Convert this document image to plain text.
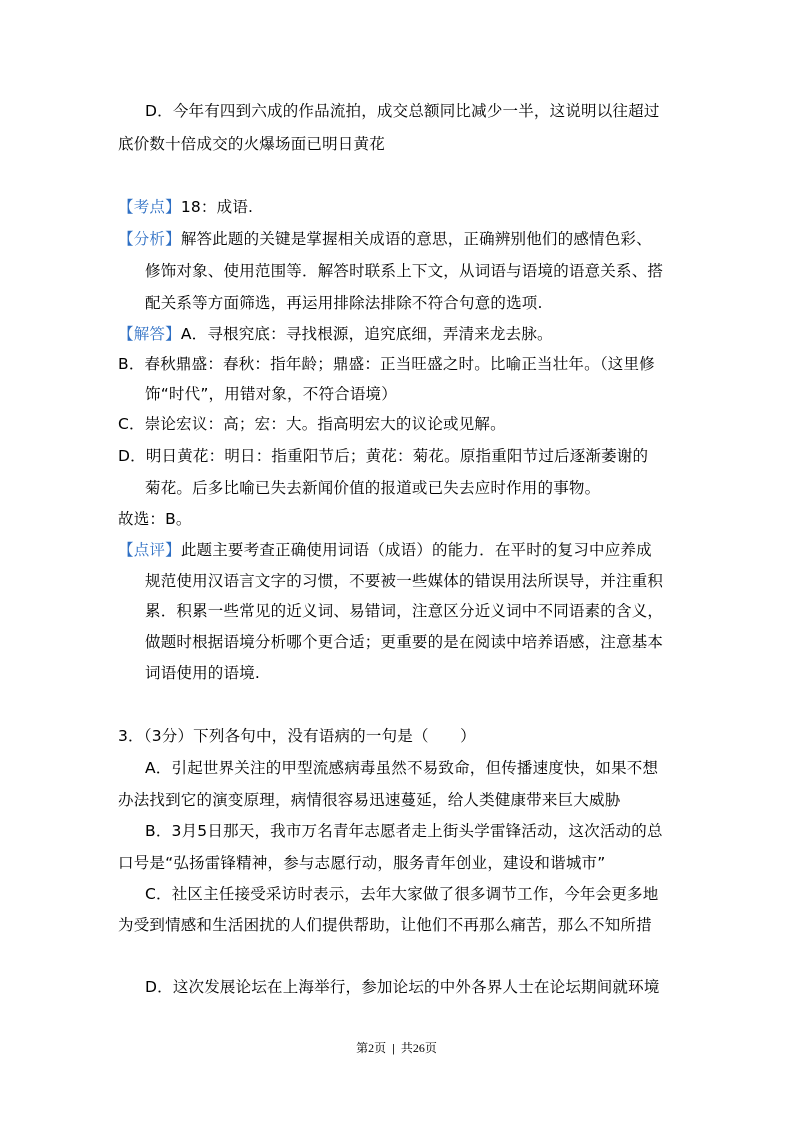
D．今年有四到六成的作品流拍，成交总额同比减少一半，这说明以往超过
底价数十倍成交的火爆场面已明日黄花
【考点】18：成语.
【分析】解答此题的关键是掌握相关成语的意思，正确辨别他们的感情色彩、
修饰对象、使用范围等．解答时联系上下文，从词语与语境的语意关系、搭
配关系等方面筛选，再运用排除法排除不符合句意的选项.
【解答】A．寻根究底：寻找根源，追究底细，弄清来龙去脉。
B．春秋鼎盛：春秋：指年龄；鼎盛：正当旺盛之时。比喻正当壮年。（这里修
饰“时代”，用错对象，不符合语境）
C．崇论宏议：高；宏：大。指高明宏大的议论或见解。
D．明日黄花：明日：指重阳节后；黄花：菊花。原指重阳节过后逐渐萎谢的
菊花。后多比喻已失去新闻价值的报道或已失去应时作用的事物。
故选：B。
【点评】此题主要考查正确使用词语（成语）的能力．在平时的复习中应养成
规范使用汉语言文字的习惯，不要被一些媒体的错误用法所误导，并注重积
累．积累一些常见的近义词、易错词，注意区分近义词中不同语素的含义，
做题时根据语境分析哪个更合适；更重要的是在阅读中培养语感，注意基本
词语使用的语境.
3．（3分）下列各句中，没有语病的一句是（　　）
A．引起世界关注的甲型流感病毒虽然不易致命，但传播速度快，如果不想
办法找到它的演变原理，病情很容易迅速蔓延，给人类健康带来巨大威胁
B．3月5日那天，我市万名青年志愿者走上街头学雷锋活动，这次活动的总
口号是“弘扬雷锋精神，参与志愿行动，服务青年创业，建设和谐城市”
C．社区主任接受采访时表示，去年大家做了很多调节工作，今年会更多地
为受到情感和生活困扰的人们提供帮助，让他们不再那么痛苦，那么不知所措
D．这次发展论坛在上海举行，参加论坛的中外各界人士在论坛期间就环境
第2页 | 共26页
